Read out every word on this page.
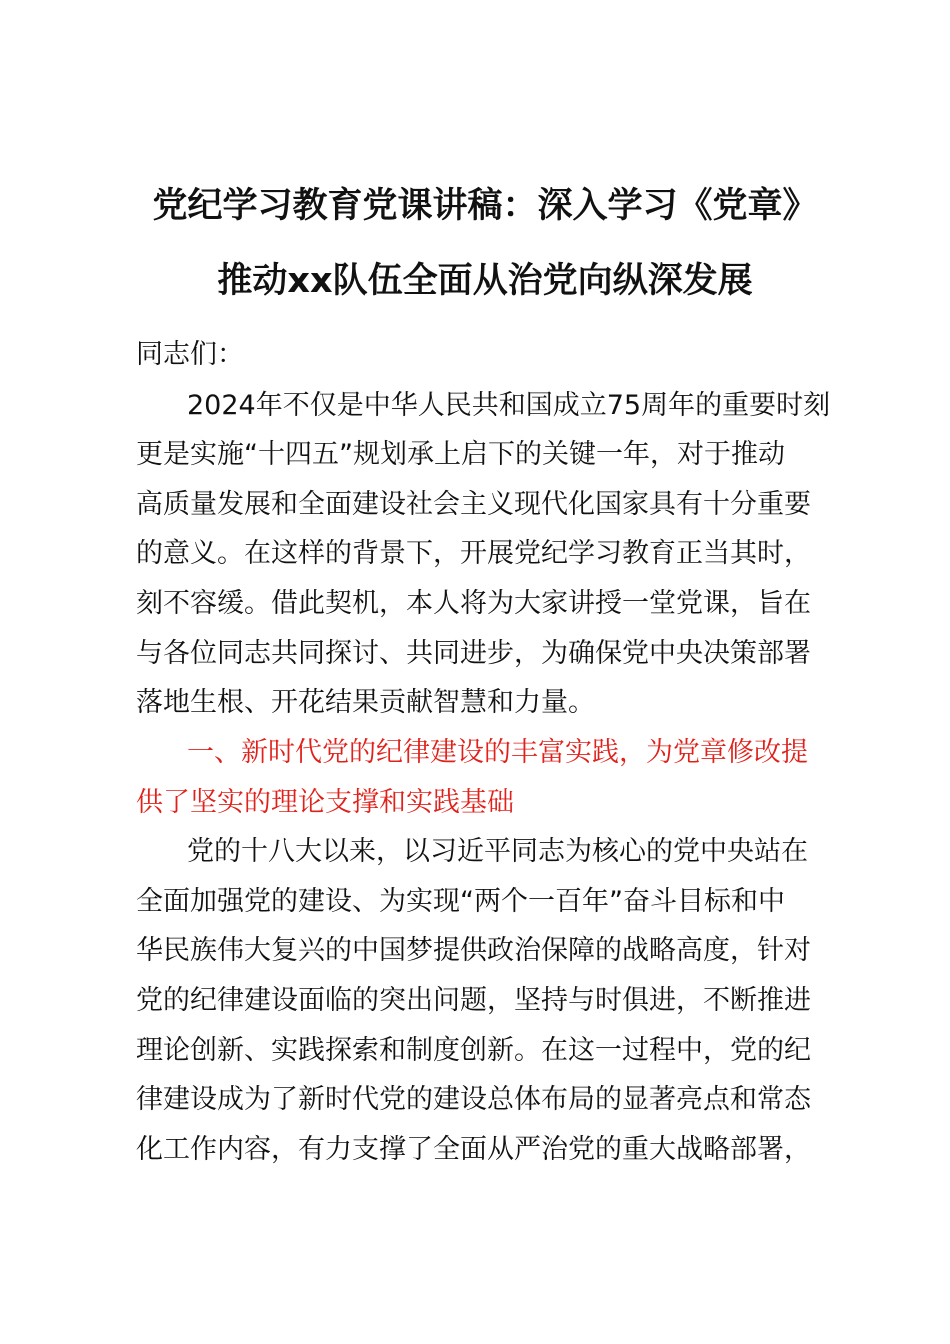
党纪学习教育党课讲稿：深入学习《党章》
推动xx队伍全面从治党向纵深发展
同志们：
2024年不仅是中华人民共和国成立75周年的重要时刻
更是实施“十四五”规划承上启下的关键一年，对于推动
高质量发展和全面建设社会主义现代化国家具有十分重要
的意义。在这样的背景下，开展党纪学习教育正当其时，
刻不容缓。借此契机，本人将为大家讲授一堂党课，旨在
与各位同志共同探讨、共同进步，为确保党中央决策部署
落地生根、开花结果贡献智慧和力量。
一、新时代党的纪律建设的丰富实践，为党章修改提
供了坚实的理论支撑和实践基础
党的十八大以来，以习近平同志为核心的党中央站在
全面加强党的建设、为实现“两个一百年”奋斗目标和中
华民族伟大复兴的中国梦提供政治保障的战略高度，针对
党的纪律建设面临的突出问题，坚持与时俱进，不断推进
理论创新、实践探索和制度创新。在这一过程中，党的纪
律建设成为了新时代党的建设总体布局的显著亮点和常态
化工作内容，有力支撑了全面从严治党的重大战略部署，
